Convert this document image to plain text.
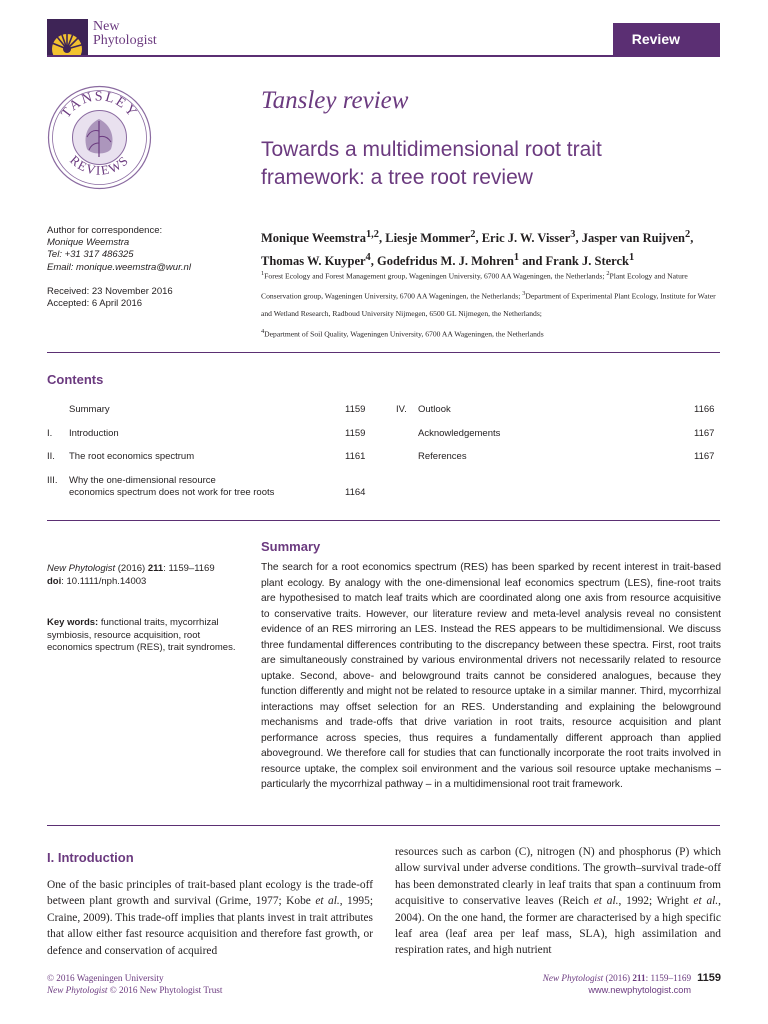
New
Phytologist	Review
TANSLEY
REVIEWS
Tansley review
Towards a multidimensional root trait
framework: a tree root review
Author for correspondence:
Monique Weemstra
Tel: +31 317 486325
Email: monique.weemstra@wur.nl
Received: 23 November 2016
Accepted: 6 April 2016
Monique Weemstra$^{1,2}$, Liesje Mommer$^2$, Eric J. W. Visser$^3$, Jasper van Ruijven$^2$, Thomas W. Kuyper$^4$, Godefridus M. J. Mohren$^1$ and Frank J. Sterck$^1$
$^1$Forest Ecology and Forest Management group, Wageningen University, 6700 AA Wageningen, the Netherlands; $^2$Plant Ecology and Nature Conservation group, Wageningen University, 6700 AA Wageningen, the Netherlands; $^3$Department of Experimental Plant Ecology, Institute for Water and Wetland Research, Radboud University Nijmegen, 6500 GL Nijmegen, the Netherlands;
$^4$Department of Soil Quality, Wageningen University, 6700 AA Wageningen, the Netherlands
Contents
Summary	1159
I. Introduction	1159
II. The root economics spectrum	1161
III. Why the one-dimensional resource
economics spectrum does not work for tree roots	1164
IV. Outlook	1166
Acknowledgements	1167
References	1167
New Phytologist (2016) 211: 1159–1169
doi: 10.1111/nph.14003
Key words: functional traits, mycorrhizal symbiosis, resource acquisition, root economics spectrum (RES), trait syndromes.
Summary
The search for a root economics spectrum (RES) has been sparked by recent interest in trait-based plant ecology. By analogy with the one-dimensional leaf economics spectrum (LES), fine-root traits are hypothesised to match leaf traits which are coordinated along one axis from resource acquisitive to conservative traits. However, our literature review and meta-level analysis reveal no consistent evidence of an RES mirroring an LES. Instead the RES appears to be multidimensional. We discuss three fundamental differences contributing to the discrepancy between these spectra. First, root traits are simultaneously constrained by various environmental drivers not necessarily related to resource uptake. Second, above- and belowground traits cannot be considered analogues, because they function differently and might not be related to resource uptake in a similar manner. Third, mycorrhizal interactions may offset selection for an RES. Understanding and explaining the belowground mechanisms and trade-offs that drive variation in root traits, resource acquisition and plant performance across species, thus requires a fundamentally different approach than applied aboveground. We therefore call for studies that can functionally incorporate the root traits involved in resource uptake, the complex soil environment and the various soil resource uptake mechanisms – particularly the mycorrhizal pathway – in a multidimensional root trait framework.
I. Introduction
One of the basic principles of trait-based plant ecology is the trade-off between plant growth and survival (Grime, 1977; Kobe et al., 1995; Craine, 2009). This trade-off implies that plants invest in trait attributes that allow either fast resource acquisition and therefore fast growth, or defence and conservation of acquired
resources such as carbon (C), nitrogen (N) and phosphorus (P) which allow survival under adverse conditions. The growth–survival trade-off has been demonstrated clearly in leaf traits that span a continuum from acquisitive to conservative leaves (Reich et al., 1992; Wright et al., 2004). On the one hand, the former are characterised by a high specific leaf area (leaf area per leaf mass, SLA), high assimilation and respiration rates, and high nutrient
© 2016 Wageningen University
New Phytologist © 2016 New Phytologist Trust
New Phytologist (2016) 211: 1159–1169 1159
www.newphytologist.com
